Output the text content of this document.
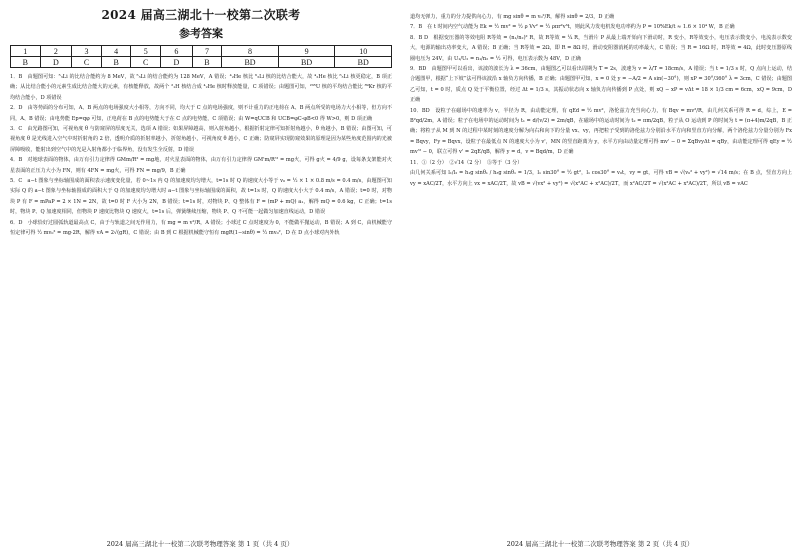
2024 届高三湖北十一校第二次联考
参考答案
1	2	3	4	5	6	7	8	9	10
B	D	C	B	C	D	B	BD	BD	BD

1．B　由题图可知：⁵₃Li 的比结合能约为 8 MeV，故 ⁵₃Li 的结合能约为 128 MeV，A 错误；⁴₂He 核比 ⁶₃Li 核的比结合能大，故 ⁴₂He 核比 ⁶₃Li 核更稳定，B 项正确；从比结合能小的元素生成比结合能大的元素，有核能释放，故两个 ²₁H 核结合成 ⁴₂He 核时释放能量，C 项错误；由题图可知，²³⁵U 核的平均结合能比 ⁸⁹Kr 核的平均结合能小，D 项错误

2．D　由等势面的分布可知，A、B 两点的电场强度大小相等，方向不同，均大于 C 点的电场强度，则不计重力的正电荷在 A、B 两点所受的电场力大小相等，但方向不同，A、B 错误；由电势能 Ep=qφ 可知，正电荷在 B 点的电势能大于在 C 点的电势能，C 项错误；由 W=qUCB 和 UCB=φC-φB<0 得 W>0，则 D 项正确

3．C　由光路图可知，可视角度 θ 与防窥屏的厚度无关，选项 A 错误；如果屏障越高，则入射角越小，根据折射定律可知折射角越小，θ 角越小，B 错误；由图可知，可视角度 θ 是光线进入空气中时折射角的 2 倍，透明介质的折射率越小，折射角越小，可视角度 θ 越小，C 正确；防窥屏实现防窥效果的原理是因为某些角度范围内的光被屏障吸收，能射出到空气中的光是入射角都小于临界角，没有发生全反射，D 错误

4．B　对地球表面的物体，由万有引力定律得 GMm/R² = mg地，对火星表面的物体，由万有引力定律得 GM'm/R'² = mg火，可得 g火 = 4/9 g，设每条支架能对火星表面的正压力大小为 FN，则有 4FN = mg火，可得 FN = mg/9，B 正确

5．C　a−t 图象与坐标轴围成的面积表示速度变化量，若 0~1s 内 Q 的加速度均匀增大，t=1s 时 Q 的速度大小等于 v₀ = ½ × 1 × 0.8 m/s = 0.4 m/s，由题图可知实际 Q 的 a−t 图象与坐标轴围成的面积大于 Q 的加速度均匀增大时 a−t 图象与坐标轴围成的面积，故 t=1s 时，Q 的速度大小大于 0.4 m/s，A 错误；t=0 时，对物块 P 有 F = mPaP = 2 × 1N = 2N，故 t=0 时 F 大小为 2N，B 错误；t=1s 时，对物块 P、Q 整体有 F = (mP + mQ) a₁，解得 mQ = 0.6 kg，C 正确；t=1s 时，物块 P、Q 加速度相同，但物块 P 速度比物块 Q 速度大，t=1s 后，弹簧继续压缩，物块 P、Q 不可能一起做匀加速直线运动，D 错误

6．D　小球恰好过圆弧轨道最高点 C，由于与轨道之间无作用力，有 mg = m v²/R，A 错误；小球过 C 点时速度为 0，不能做平抛运动，B 错误；A 到 C，由机械能守恒定律可得 ½ mv₀² = mg·2R，解得 vA = 2√(gR)，C 错误；由 B 到 C 根据机械能守恒有 mgR(1−sinθ) = ½ mv₀²，D 在 D 点小球对内外轨

2024 届高三湖北十一校第二次联考物理答案 第 1 页（共 4 页）

道均无弹力，重力的分力提供向心力，有 mg sinθ = m v₀²/R，解得 sinθ = 2/3，D 正确

7．B　在 t 时间内空气动能为 Ek = ½ mv² = ½ ρ Vv² = ½ ρπr²v³t，则此风力发电机发电功率约为 P = 10%Ek/t ≈ 1.6 × 10⁴ W，B 正确

8．B D　根据变压器的等效电阻 R等效 = (n₁/n₂)² R，故 R等效 = ¼ R，当滑片 P 从最上端开始向下滑动时，R 变小，R等效变小，电压表示数变小，电流表示数变大，电源的输出功率变大，A 错误；B 正确；当 R等效 = 2Ω，即 R = 8Ω 时，滑动变阻器消耗的功率最大，C 错误；当 R = 16Ω 时，R等效 = 4Ω，此时变压器原线圈电压为 24V，由 U₁/U₂ = n₁/n₂ = ½ 可得，电压表示数为 48V，D 正确

9．BD　由题图甲可以看出，该波的波长为 λ = 36cm，由题图乙可以看出周期为 T = 2s，波速为 v = λ/T = 18cm/s，A 错误；当 t = 1/3 s 时，Q 点向上运动，结合题图甲，根据“上下坡”法可得该波沿 x 轴负方向传播，B 正确；由题图甲可知，x = 0 处 y = −A/2 = A sin(−30°)，则 xP = 30°/360° λ = 3cm，C 错误；由题图乙可知，t = 0 时，质点 Q 处于平衡位置，经过 Δt = 1/3 s，其振动状态向 x 轴负方向传播到 P 点处，则 xQ − xP = vΔt = 18 × 1/3 cm = 6cm，xQ = 9cm，D 正确

10．BD　设粒子在磁场中的速率为 v，半径为 R，由动能定理，有 qEd = ½ mv²，洛伦兹力充当向心力，有 Bqv = mv²/R，由几何关系可得 R = d，综上，E = B²qd/2m，A 错误；粒子在电场中的运动时间为 t₁ = d/(v/2) = 2m/qB，在磁场中的运动时间为 t₂ = πm/2qB，粒子从 O 运动到 P 的时间为 t = (π+4)m/2qB，B 正确；将粒子从 M 到 N 的过程中某时刻的速度分解为向右和向下的分量 vx、vy，再把粒子受到的洛伦兹力分别沿水平方向和竖直方向分解，两个洛伦兹力分量分别为 Fx = Bqvy，Fy = Bqvx，设粒子在最低点 N 的速度大小为 v'，MN 的竖直距离为 y，水平方向由动量定理可得 mv' − 0 = ΣqBvyΔt = qBy，由动能定理可得 qEy = ½ mv'² − 0，联立可得 v' = 2qE/qB，解得 y = d，v = Bqd/m，D 正确

11．①（2 分）　②√14（2 分）　③等于（3 分）

由几何关系可知 l₁/l₂ = h₁g sinθ₁ / h₃g sinθ₁ = 1/3，l₁ sin30° = ½ gt²，l₁ cos30° = v₀t，vy = gt，可得 vB = √(v₀² + vy²) = √14 m/s；在 B 点，竖直方向上 vy = xAC/2T，水平方向上 vx = xAC/2T，故 vB = √(vx² + vy²) = √(x²AC + x²AC)/2T，而 x²AC/2T = √(x²AC + x²AC)/2T，所以 vB = vAC

2024 届高三湖北十一校第二次联考物理答案 第 2 页（共 4 页）
